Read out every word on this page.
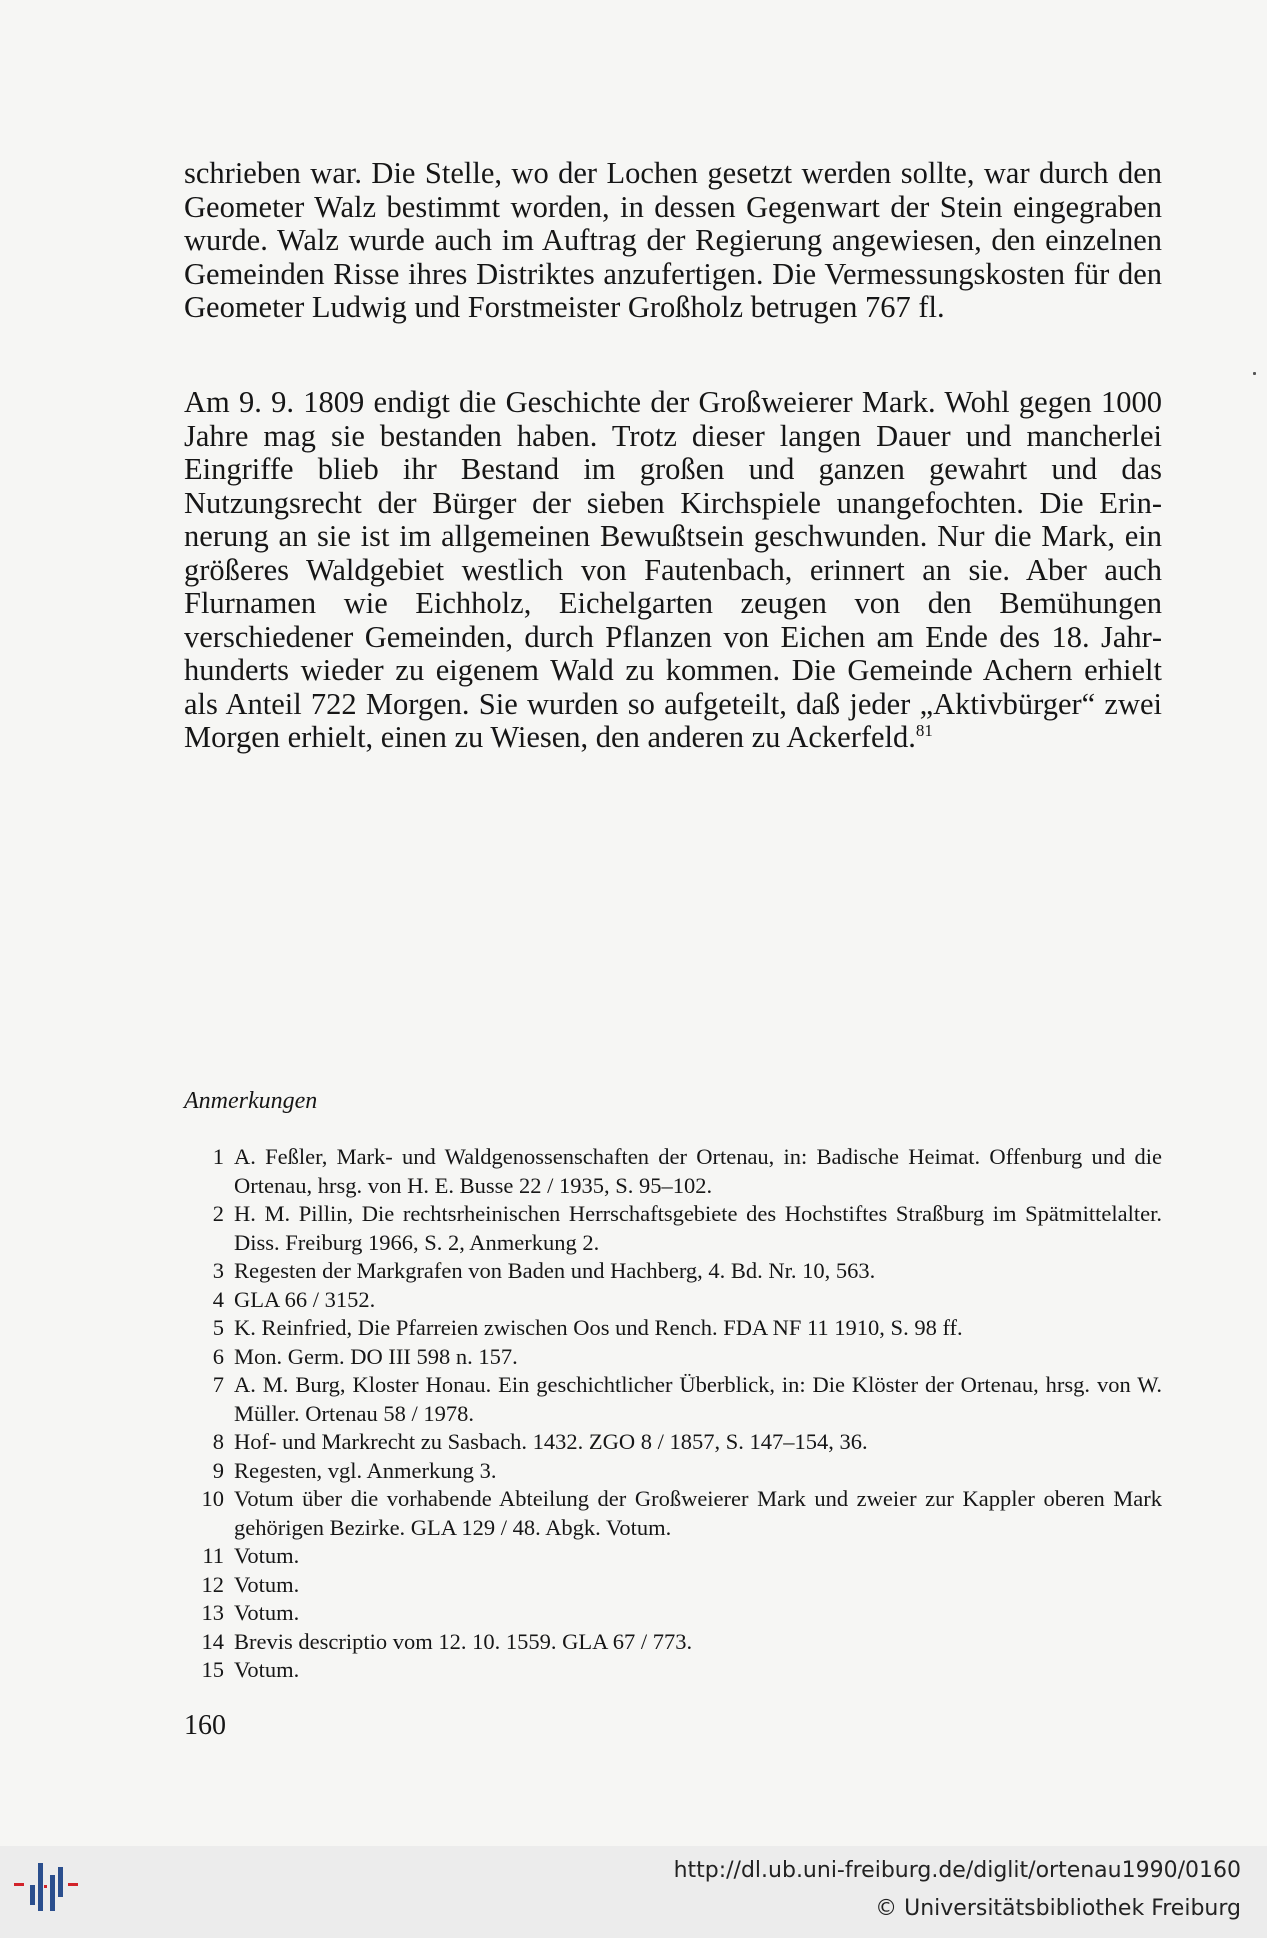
schrieben war. Die Stelle, wo der Lochen gesetzt werden sollte, war durch den Geometer Walz bestimmt worden, in dessen Gegenwart der Stein eingegraben wurde. Walz wurde auch im Auftrag der Regierung angewiesen, den einzelnen Gemeinden Risse ihres Distriktes anzufertigen. Die Vermessungskosten für den Geometer Ludwig und Forstmeister Großholz betrugen 767 fl.

Am 9. 9. 1809 endigt die Geschichte der Großweierer Mark. Wohl gegen 1000 Jahre mag sie bestanden haben. Trotz dieser langen Dauer und mancherlei Eingriffe blieb ihr Bestand im großen und ganzen gewahrt und das Nutzungsrecht der Bürger der sieben Kirchspiele unangefochten. Die Erinnerung an sie ist im allgemeinen Bewußtsein geschwunden. Nur die Mark, ein größeres Waldgebiet westlich von Fautenbach, erinnert an sie. Aber auch Flurnamen wie Eichholz, Eichelgarten zeugen von den Bemühungen verschiedener Gemeinden, durch Pflanzen von Eichen am Ende des 18. Jahrhunderts wieder zu eigenem Wald zu kommen. Die Gemeinde Achern erhielt als Anteil 722 Morgen. Sie wurden so aufgeteilt, daß jeder „Aktivbürger“ zwei Morgen erhielt, einen zu Wiesen, den anderen zu Ackerfeld.$^{81}$

Anmerkungen
1 A. Feßler, Mark- und Waldgenossenschaften der Ortenau, in: Badische Heimat. Offenburg und die Ortenau, hrsg. von H. E. Busse 22 / 1935, S. 95–102.
2 H. M. Pillin, Die rechtsrheinischen Herrschaftsgebiete des Hochstiftes Straßburg im Spätmittelalter. Diss. Freiburg 1966, S. 2, Anmerkung 2.
3 Regesten der Markgrafen von Baden und Hachberg, 4. Bd. Nr. 10, 563.
4 GLA 66 / 3152.
5 K. Reinfried, Die Pfarreien zwischen Oos und Rench. FDA NF 11 1910, S. 98 ff.
6 Mon. Germ. DO III 598 n. 157.
7 A. M. Burg, Kloster Honau. Ein geschichtlicher Überblick, in: Die Klöster der Ortenau, hrsg. von W. Müller. Ortenau 58 / 1978.
8 Hof- und Markrecht zu Sasbach. 1432. ZGO 8 / 1857, S. 147–154, 36.
9 Regesten, vgl. Anmerkung 3.
10 Votum über die vorhabende Abteilung der Großweierer Mark und zweier zur Kappler oberen Mark gehörigen Bezirke. GLA 129 / 48. Abgk. Votum.
11 Votum.
12 Votum.
13 Votum.
14 Brevis descriptio vom 12. 10. 1559. GLA 67 / 773.
15 Votum.

160

http://dl.ub.uni-freiburg.de/diglit/ortenau1990/0160
© Universitätsbibliothek Freiburg
